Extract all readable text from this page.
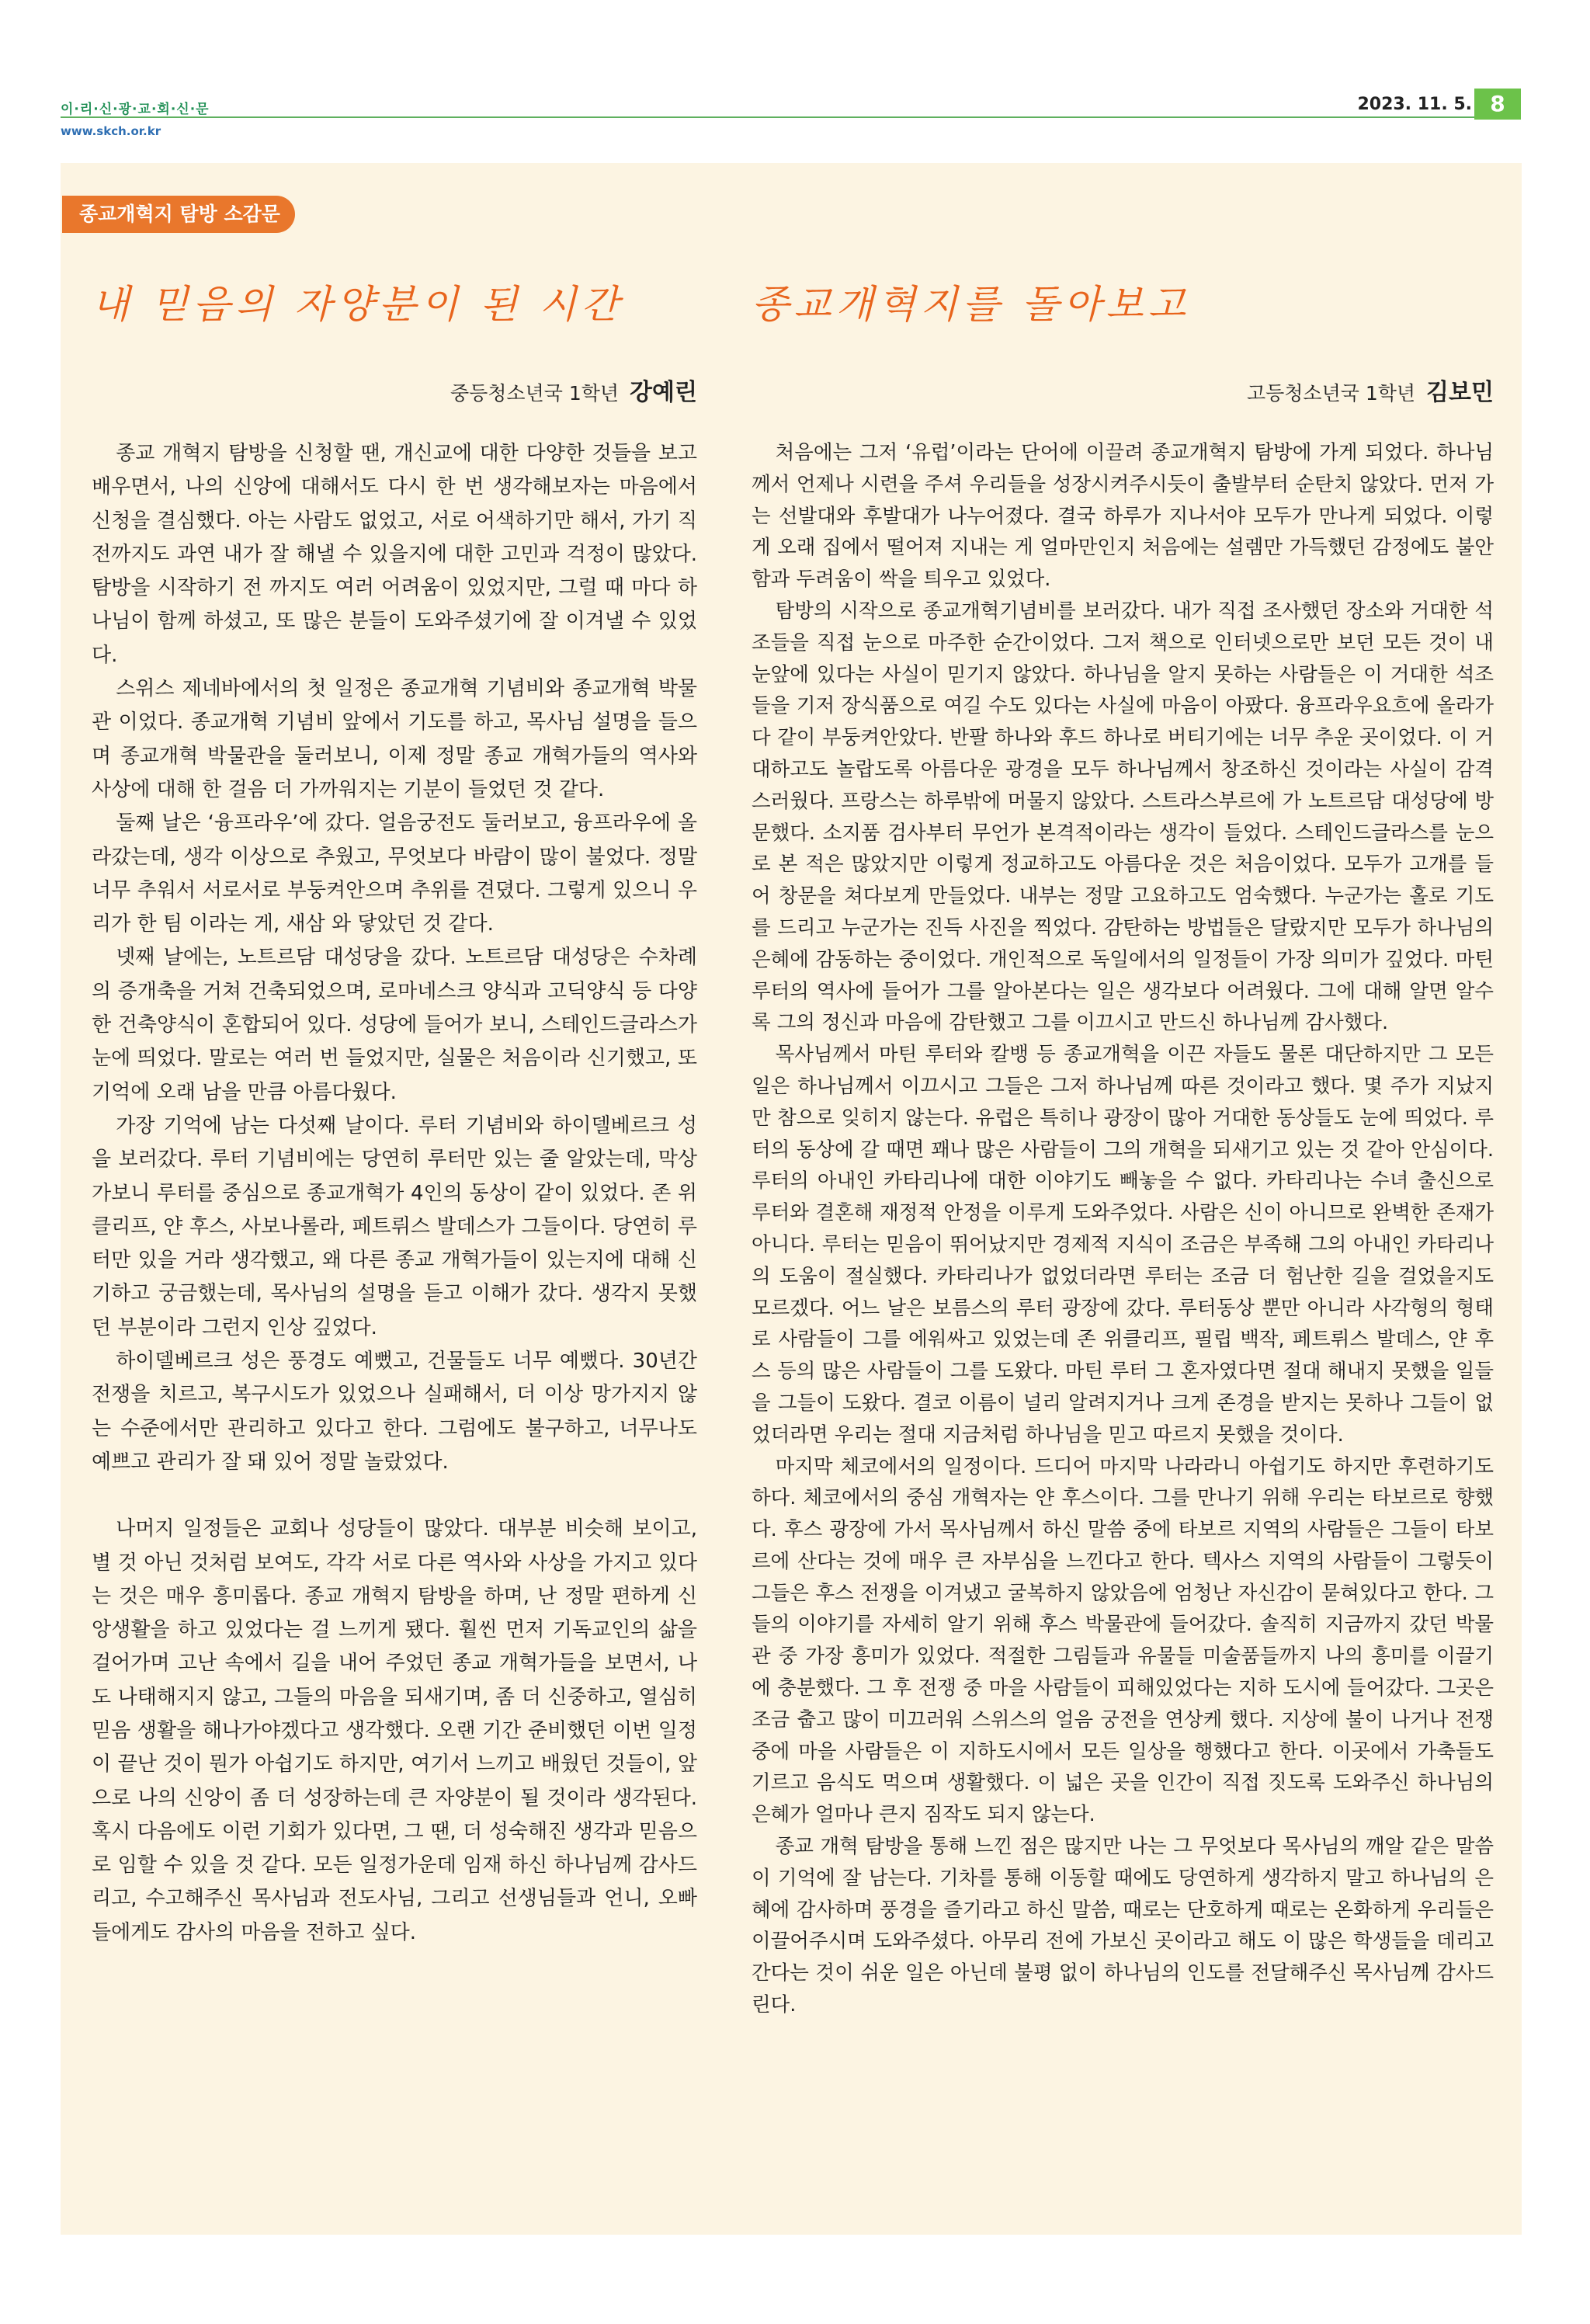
이·리·신·광·교·회·신·문
www.skch.or.kr
2023. 11. 5. 8
종교개혁지 탐방 소감문
내 믿음의 자양분이 된 시간
중등청소년국 1학년 강예린

종교 개혁지 탐방을 신청할 땐, 개신교에 대한 다양한 것들을 보고 배우면서, 나의 신앙에 대해서도 다시 한 번 생각해보자는 마음에서 신청을 결심했다. 아는 사람도 없었고, 서로 어색하기만 해서, 가기 직전까지도 과연 내가 잘 해낼 수 있을지에 대한 고민과 걱정이 많았다. 탐방을 시작하기 전 까지도 여러 어려움이 있었지만, 그럴 때 마다 하나님이 함께 하셨고, 또 많은 분들이 도와주셨기에 잘 이겨낼 수 있었다.

스위스 제네바에서의 첫 일정은 종교개혁 기념비와 종교개혁 박물관 이었다. 종교개혁 기념비 앞에서 기도를 하고, 목사님 설명을 들으며 종교개혁 박물관을 둘러보니, 이제 정말 종교 개혁가들의 역사와 사상에 대해 한 걸음 더 가까워지는 기분이 들었던 것 같다.

둘째 날은 ‘융프라우’에 갔다. 얼음궁전도 둘러보고, 융프라우에 올라갔는데, 생각 이상으로 추웠고, 무엇보다 바람이 많이 불었다. 정말 너무 추워서 서로서로 부둥켜안으며 추위를 견뎠다. 그렇게 있으니 우리가 한 팀 이라는 게, 새삼 와 닿았던 것 같다.

넷째 날에는, 노트르담 대성당을 갔다. 노트르담 대성당은 수차례의 증개축을 거쳐 건축되었으며, 로마네스크 양식과 고딕양식 등 다양한 건축양식이 혼합되어 있다. 성당에 들어가 보니, 스테인드글라스가 눈에 띄었다. 말로는 여러 번 들었지만, 실물은 처음이라 신기했고, 또 기억에 오래 남을 만큼 아름다웠다.

가장 기억에 남는 다섯째 날이다. 루터 기념비와 하이델베르크 성을 보러갔다. 루터 기념비에는 당연히 루터만 있는 줄 알았는데, 막상 가보니 루터를 중심으로 종교개혁가 4인의 동상이 같이 있었다. 존 위클리프, 얀 후스, 사보나롤라, 페트뤼스 발데스가 그들이다. 당연히 루터만 있을 거라 생각했고, 왜 다른 종교 개혁가들이 있는지에 대해 신기하고 궁금했는데, 목사님의 설명을 듣고 이해가 갔다. 생각지 못했던 부분이라 그런지 인상 깊었다.

하이델베르크 성은 풍경도 예뻤고, 건물들도 너무 예뻤다. 30년간 전쟁을 치르고, 복구시도가 있었으나 실패해서, 더 이상 망가지지 않는 수준에서만 관리하고 있다고 한다. 그럼에도 불구하고, 너무나도 예쁘고 관리가 잘 돼 있어 정말 놀랐었다.

나머지 일정들은 교회나 성당들이 많았다. 대부분 비슷해 보이고, 별 것 아닌 것처럼 보여도, 각각 서로 다른 역사와 사상을 가지고 있다는 것은 매우 흥미롭다. 종교 개혁지 탐방을 하며, 난 정말 편하게 신앙생활을 하고 있었다는 걸 느끼게 됐다. 훨씬 먼저 기독교인의 삶을 걸어가며 고난 속에서 길을 내어 주었던 종교 개혁가들을 보면서, 나도 나태해지지 않고, 그들의 마음을 되새기며, 좀 더 신중하고, 열심히 믿음 생활을 해나가야겠다고 생각했다. 오랜 기간 준비했던 이번 일정이 끝난 것이 뭔가 아쉽기도 하지만, 여기서 느끼고 배웠던 것들이, 앞으로 나의 신앙이 좀 더 성장하는데 큰 자양분이 될 것이라 생각된다. 혹시 다음에도 이런 기회가 있다면, 그 땐, 더 성숙해진 생각과 믿음으로 임할 수 있을 것 같다. 모든 일정가운데 임재 하신 하나님께 감사드리고, 수고해주신 목사님과 전도사님, 그리고 선생님들과 언니, 오빠들에게도 감사의 마음을 전하고 싶다.

종교개혁지를 돌아보고
고등청소년국 1학년 김보민

처음에는 그저 ‘유럽’이라는 단어에 이끌려 종교개혁지 탐방에 가게 되었다. 하나님께서 언제나 시련을 주셔 우리들을 성장시켜주시듯이 출발부터 순탄치 않았다. 먼저 가는 선발대와 후발대가 나누어졌다. 결국 하루가 지나서야 모두가 만나게 되었다. 이렇게 오래 집에서 떨어져 지내는 게 얼마만인지 처음에는 설렘만 가득했던 감정에도 불안함과 두려움이 싹을 틔우고 있었다.

탐방의 시작으로 종교개혁기념비를 보러갔다. 내가 직접 조사했던 장소와 거대한 석조들을 직접 눈으로 마주한 순간이었다. 그저 책으로 인터넷으로만 보던 모든 것이 내 눈앞에 있다는 사실이 믿기지 않았다. 하나님을 알지 못하는 사람들은 이 거대한 석조들을 기저 장식품으로 여길 수도 있다는 사실에 마음이 아팠다. 융프라우요흐에 올라가 다 같이 부둥켜안았다. 반팔 하나와 후드 하나로 버티기에는 너무 추운 곳이었다. 이 거대하고도 놀랍도록 아름다운 광경을 모두 하나님께서 창조하신 것이라는 사실이 감격스러웠다. 프랑스는 하루밖에 머물지 않았다. 스트라스부르에 가 노트르담 대성당에 방문했다. 소지품 검사부터 무언가 본격적이라는 생각이 들었다. 스테인드글라스를 눈으로 본 적은 많았지만 이렇게 정교하고도 아름다운 것은 처음이었다. 모두가 고개를 들어 창문을 쳐다보게 만들었다. 내부는 정말 고요하고도 엄숙했다. 누군가는 홀로 기도를 드리고 누군가는 진득 사진을 찍었다. 감탄하는 방법들은 달랐지만 모두가 하나님의 은혜에 감동하는 중이었다. 개인적으로 독일에서의 일정들이 가장 의미가 깊었다. 마틴 루터의 역사에 들어가 그를 알아본다는 일은 생각보다 어려웠다. 그에 대해 알면 알수록 그의 정신과 마음에 감탄했고 그를 이끄시고 만드신 하나님께 감사했다.

목사님께서 마틴 루터와 칼뱅 등 종교개혁을 이끈 자들도 물론 대단하지만 그 모든 일은 하나님께서 이끄시고 그들은 그저 하나님께 따른 것이라고 했다. 몇 주가 지났지만 참으로 잊히지 않는다. 유럽은 특히나 광장이 많아 거대한 동상들도 눈에 띄었다. 루터의 동상에 갈 때면 꽤나 많은 사람들이 그의 개혁을 되새기고 있는 것 같아 안심이다. 루터의 아내인 카타리나에 대한 이야기도 빼놓을 수 없다. 카타리나는 수녀 출신으로 루터와 결혼해 재정적 안정을 이루게 도와주었다. 사람은 신이 아니므로 완벽한 존재가 아니다. 루터는 믿음이 뛰어났지만 경제적 지식이 조금은 부족해 그의 아내인 카타리나의 도움이 절실했다. 카타리나가 없었더라면 루터는 조금 더 험난한 길을 걸었을지도 모르겠다. 어느 날은 보름스의 루터 광장에 갔다. 루터동상 뿐만 아니라 사각형의 형태로 사람들이 그를 에워싸고 있었는데 존 위클리프, 필립 백작, 페트뤼스 발데스, 얀 후스 등의 많은 사람들이 그를 도왔다. 마틴 루터 그 혼자였다면 절대 해내지 못했을 일들을 그들이 도왔다. 결코 이름이 널리 알려지거나 크게 존경을 받지는 못하나 그들이 없었더라면 우리는 절대 지금처럼 하나님을 믿고 따르지 못했을 것이다.

마지막 체코에서의 일정이다. 드디어 마지막 나라라니 아쉽기도 하지만 후련하기도 하다. 체코에서의 중심 개혁자는 얀 후스이다. 그를 만나기 위해 우리는 타보르로 향했다. 후스 광장에 가서 목사님께서 하신 말씀 중에 타보르 지역의 사람들은 그들이 타보르에 산다는 것에 매우 큰 자부심을 느낀다고 한다. 텍사스 지역의 사람들이 그렇듯이 그들은 후스 전쟁을 이겨냈고 굴복하지 않았음에 엄청난 자신감이 묻혀있다고 한다. 그들의 이야기를 자세히 알기 위해 후스 박물관에 들어갔다. 솔직히 지금까지 갔던 박물관 중 가장 흥미가 있었다. 적절한 그림들과 유물들 미술품들까지 나의 흥미를 이끌기에 충분했다. 그 후 전쟁 중 마을 사람들이 피해있었다는 지하 도시에 들어갔다. 그곳은 조금 춥고 많이 미끄러워 스위스의 얼음 궁전을 연상케 했다. 지상에 불이 나거나 전쟁 중에 마을 사람들은 이 지하도시에서 모든 일상을 행했다고 한다. 이곳에서 가축들도 기르고 음식도 먹으며 생활했다. 이 넓은 곳을 인간이 직접 짓도록 도와주신 하나님의 은혜가 얼마나 큰지 짐작도 되지 않는다.

종교 개혁 탐방을 통해 느낀 점은 많지만 나는 그 무엇보다 목사님의 깨알 같은 말씀이 기억에 잘 남는다. 기차를 통해 이동할 때에도 당연하게 생각하지 말고 하나님의 은혜에 감사하며 풍경을 즐기라고 하신 말씀, 때로는 단호하게 때로는 온화하게 우리들은 이끌어주시며 도와주셨다. 아무리 전에 가보신 곳이라고 해도 이 많은 학생들을 데리고 간다는 것이 쉬운 일은 아닌데 불평 없이 하나님의 인도를 전달해주신 목사님께 감사드린다.
